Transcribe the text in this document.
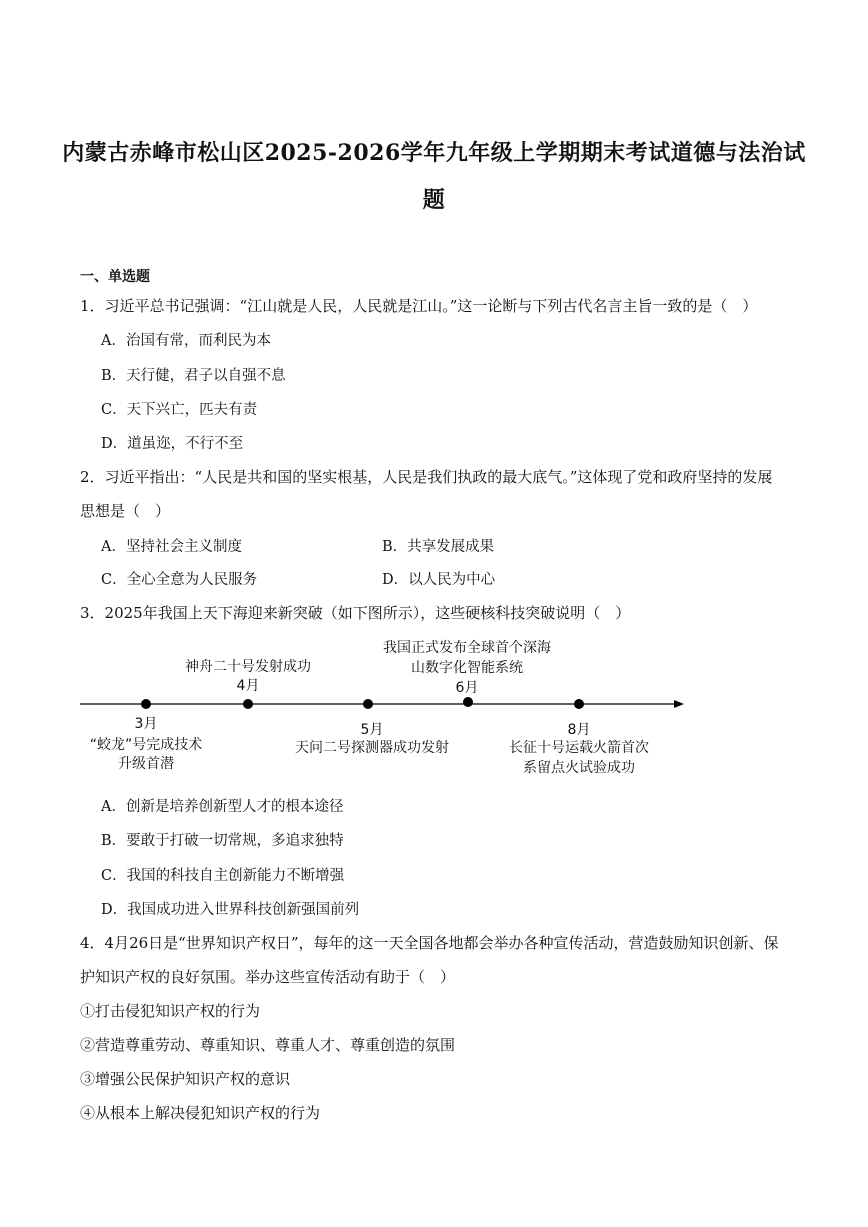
内蒙古赤峰市松山区2025-2026学年九年级上学期期末考试道德与法治试
题
一、单选题
1．习近平总书记强调：“江山就是人民，人民就是江山。”这一论断与下列古代名言主旨一致的是（　）
A．治国有常，而利民为本
B．天行健，君子以自强不息
C．天下兴亡，匹夫有责
D．道虽迩，不行不至
2．习近平指出：“人民是共和国的坚实根基，人民是我们执政的最大底气。”这体现了党和政府坚持的发展
思想是（　）
A．坚持社会主义制度	B．共享发展成果
C．全心全意为人民服务	D．以人民为中心
3．2025年我国上天下海迎来新突破（如下图所示），这些硬核科技突破说明（　）
3月
“蛟龙”号完成技术
升级首潜
神舟二十号发射成功
4月
5月
天问二号探测器成功发射
我国正式发布全球首个深海
山数字化智能系统
6月
8月
长征十号运载火箭首次
系留点火试验成功
A．创新是培养创新型人才的根本途径
B．要敢于打破一切常规，多追求独特
C．我国的科技自主创新能力不断增强
D．我国成功进入世界科技创新强国前列
4．4月26日是“世界知识产权日”，每年的这一天全国各地都会举办各种宣传活动，营造鼓励知识创新、保
护知识产权的良好氛围。举办这些宣传活动有助于（　）
①打击侵犯知识产权的行为
②营造尊重劳动、尊重知识、尊重人才、尊重创造的氛围
③增强公民保护知识产权的意识
④从根本上解决侵犯知识产权的行为
